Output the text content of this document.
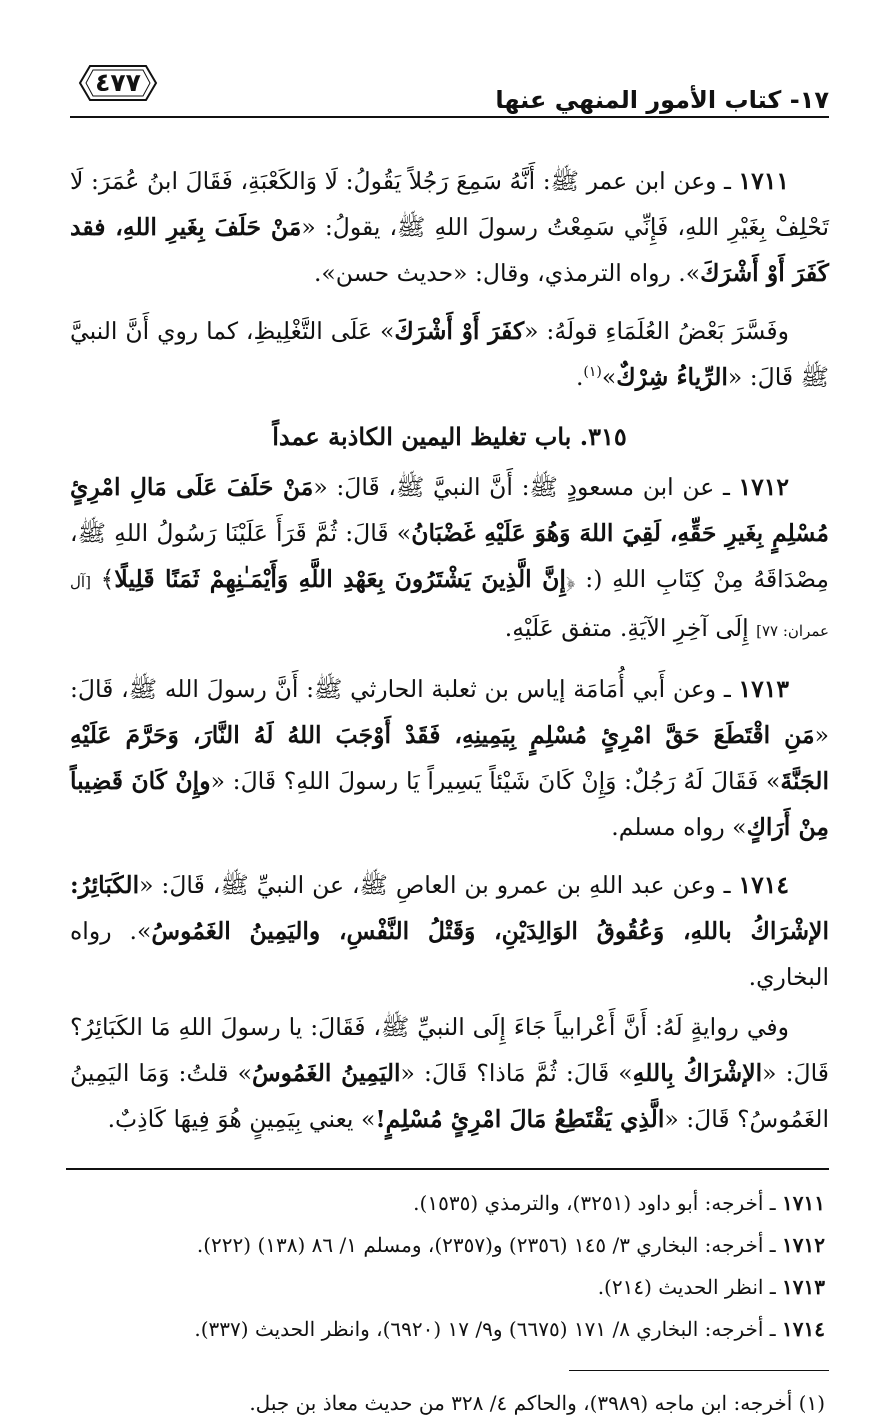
١٧- كتاب الأمور المنهي عنها
٤٧٧

١٧١١ ـ وعن ابن عمر ﷺ: أَنَّهُ سَمِعَ رَجُلاً يَقُولُ: لَا وَالكَعْبَةِ، فَقَالَ ابنُ عُمَرَ: لَا تَحْلِفْ بِغَيْرِ اللهِ، فَإِنِّي سَمِعْتُ رسولَ اللهِ ﷺ، يقولُ: «مَنْ حَلَفَ بِغَيرِ اللهِ، فقد كَفَرَ أَوْ أَشْرَكَ». رواه الترمذي، وقال: «حديث حسن».

وفَسَّرَ بَعْضُ العُلَمَاءِ قولَهُ: «كفَرَ أَوْ أَشْرَكَ» عَلَى التَّغْلِيظِ، كما روي أَنَّ النبيَّ ﷺ قَالَ: «الرِّياءُ شِرْكٌ»$^{(١)}$.

٣١٥. باب تغليظ اليمين الكاذبة عمداً

١٧١٢ ـ عن ابن مسعودٍ ﷺ: أَنَّ النبيَّ ﷺ، قَالَ: «مَنْ حَلَفَ عَلَى مَالِ امْرِئٍ مُسْلِمٍ بِغَيرِ حَقِّهِ، لَقِيَ اللهَ وَهُوَ عَلَيْهِ غَضْبَانُ» قَالَ: ثُمَّ قَرَأَ عَلَيْنَا رَسُولُ اللهِ ﷺ، مِصْدَاقَهُ مِنْ كِتَابِ اللهِ (: ﴿إِنَّ الَّذِينَ يَشْتَرُونَ بِعَهْدِ اللَّهِ وَأَيْمَـٰنِهِمْ ثَمَنًا قَلِيلًا﴾ [آل عمران: ٧٧] إِلَى آخِرِ الآيَةِ. متفق عَلَيْهِ.

١٧١٣ ـ وعن أَبي أُمَامَة إياس بن ثعلبة الحارثي ﷺ: أَنَّ رسولَ الله ﷺ، قَالَ: «مَنِ اقْتَطَعَ حَقَّ امْرِئٍ مُسْلِمٍ بِيَمِينِهِ، فَقَدْ أَوْجَبَ اللهُ لَهُ النَّارَ، وَحَرَّمَ عَلَيْهِ الجَنَّةَ» فَقَالَ لَهُ رَجُلٌ: وَإِنْ كَانَ شَيْئاً يَسِيراً يَا رسولَ اللهِ؟ قَالَ: «وإِنْ كَانَ قَضِيباً مِنْ أَرَاكٍ» رواه مسلم.

١٧١٤ ـ وعن عبد اللهِ بن عمرو بن العاصِ ﷺ، عن النبيِّ ﷺ، قَالَ: «الكَبَائِرُ: الإشْرَاكُ باللهِ، وَعُقُوقُ الوَالِدَيْنِ، وَقَتْلُ النَّفْسِ، واليَمِينُ الغَمُوسُ». رواه البخاري.

وفي روايةٍ لَهُ: أَنَّ أَعْرابياً جَاءَ إِلَى النبيِّ ﷺ، فَقَالَ: يا رسولَ اللهِ مَا الكَبَائِرُ؟ قَالَ: «الإشْرَاكُ بِاللهِ» قَالَ: ثُمَّ مَاذا؟ قَالَ: «اليَمِينُ الغَمُوسُ» قلتُ: وَمَا اليَمِينُ الغَمُوسُ؟ قَالَ: «الَّذِي يَقْتَطِعُ مَالَ امْرِئٍ مُسْلِمٍ!» يعني بِيَمِينٍ هُوَ فِيهَا كَاذِبٌ.

١٧١١ ـ أخرجه: أبو داود (٣٢٥١)، والترمذي (١٥٣٥).

١٧١٢ ـ أخرجه: البخاري ٣/ ١٤٥ (٢٣٥٦) و(٢٣٥٧)، ومسلم ١/ ٨٦ (١٣٨) (٢٢٢).

١٧١٣ ـ انظر الحديث (٢١٤).

١٧١٤ ـ أخرجه: البخاري ٨/ ١٧١ (٦٦٧٥) و٩/ ١٧ (٦٩٢٠)، وانظر الحديث (٣٣٧).

(١) أخرجه: ابن ماجه (٣٩٨٩)، والحاكم ٤/ ٣٢٨ من حديث معاذ بن جبل.
